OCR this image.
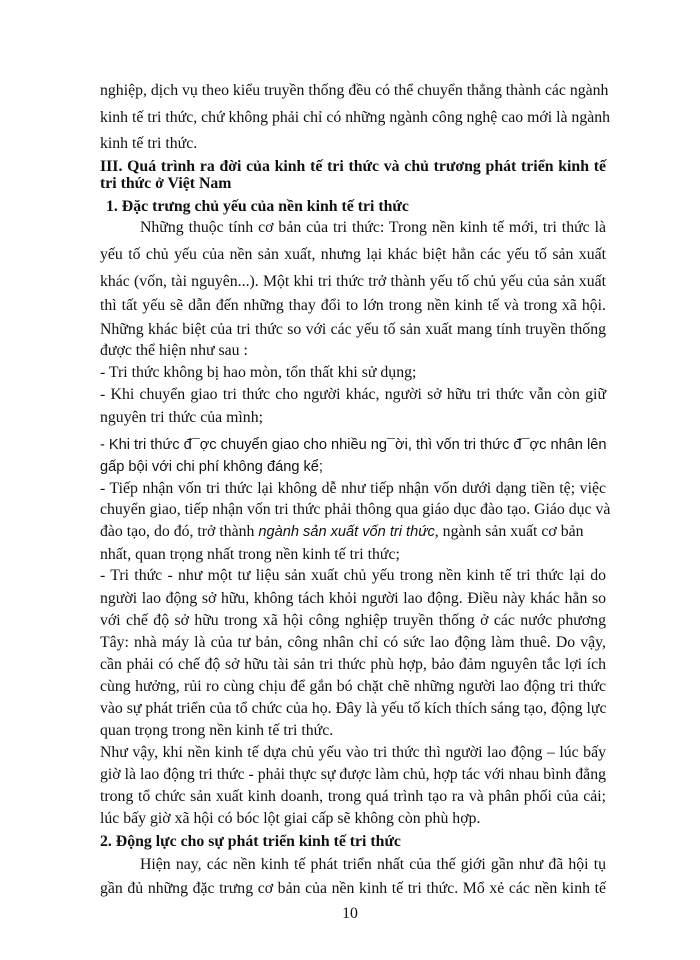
nghiệp, dịch vụ theo kiểu truyền thống đều có thể chuyển thẳng thành các ngành
kinh tế tri thức, chứ không phải chỉ có những ngành công nghệ cao mới là ngành
kinh tế tri thức.
III. Quá trình ra đời của kinh tế tri thức và chủ trương phát triển kinh tế
tri thức ở Việt Nam
1. Đặc trưng chủ yếu của nền kinh tế tri thức
Những thuộc tính cơ bản của tri thức: Trong nền kinh tế mới, tri thức là
yếu tố chủ yếu của nền sản xuất, nhưng lại khác biệt hẳn các yếu tố sản xuất
khác (vốn, tài nguyên...). Một khi tri thức trở thành yếu tố chủ yếu của sản xuất
thì tất yếu sẽ dẫn đến những thay đổi to lớn trong nền kinh tế và trong xã hội.
Những khác biệt của tri thức so với các yếu tố sản xuất mang tính truyền thống
được thể hiện như sau :
- Tri thức không bị hao mòn, tổn thất khi sử dụng;
- Khi chuyển giao tri thức cho người khác, người sở hữu tri thức vẫn còn giữ
nguyên tri thức của mình;
- Khi tri thức đ¯ợc chuyển giao cho nhiều ng¯ời, thì vốn tri thức đ¯ợc nhân lên
gấp bội với chi phí không đáng kể;
- Tiếp nhận vốn tri thức lại không dễ như tiếp nhận vốn dưới dạng tiền tệ; việc
chuyển giao, tiếp nhận vốn tri thức phải thông qua giáo dục đào tạo. Giáo dục và
đào tạo, do đó, trở thành ngành sản xuất vốn tri thức, ngành sản xuất cơ bản
nhất, quan trọng nhất trong nền kinh tế tri thức;
- Tri thức - như một tư liệu sản xuất chủ yếu trong nền kinh tế tri thức lại do
người lao động sở hữu, không tách khỏi người lao động. Điều này khác hẳn so
với chế độ sở hữu trong xã hội công nghiệp truyền thống ở các nước phương
Tây: nhà máy là của tư bản, công nhân chỉ có sức lao động làm thuê. Do vậy,
cần phải có chế độ sở hữu tài sản tri thức phù hợp, bảo đảm nguyên tắc lợi ích
cùng hưởng, rủi ro cùng chịu để gắn bó chặt chẽ những người lao động tri thức
vào sự phát triển của tổ chức của họ. Đây là yếu tố kích thích sáng tạo, động lực
quan trọng trong nền kinh tế tri thức.
Như vậy, khi nền kinh tế dựa chủ yếu vào tri thức thì người lao động – lúc bấy
giờ là lao động tri thức - phải thực sự được làm chủ, hợp tác với nhau bình đẳng
trong tổ chức sản xuất kinh doanh, trong quá trình tạo ra và phân phối của cải;
lúc bấy giờ xã hội có bóc lột giai cấp sẽ không còn phù hợp.
2. Động lực cho sự phát triển kinh tế tri thức
Hiện nay, các nền kinh tế phát triển nhất của thế giới gần như đã hội tụ
gần đủ những đặc trưng cơ bản của nền kinh tế tri thức. Mổ xẻ các nền kinh tế
10
